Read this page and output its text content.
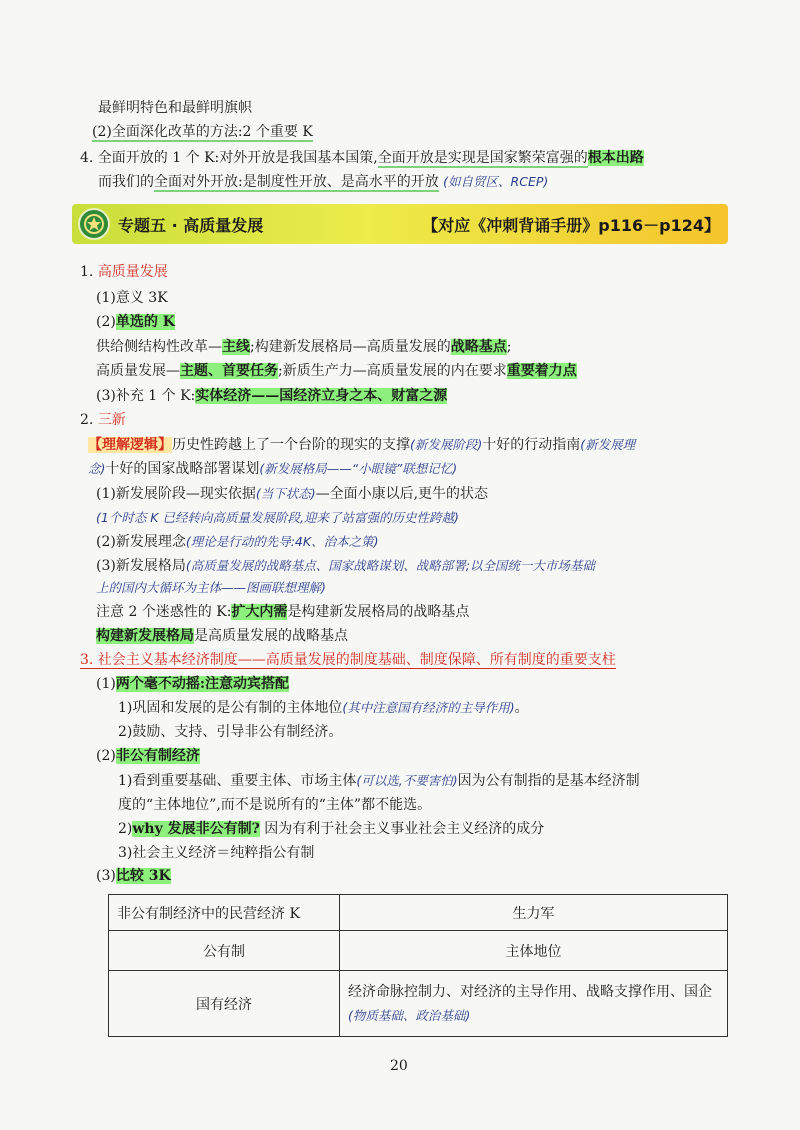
最鲜明特色和最鲜明旗帜
(2)全面深化改革的方法:2 个重要 K
4. 全面开放的 1 个 K:对外开放是我国基本国策,全面开放是实现是国家繁荣富强的根本出路
而我们的全面对外开放:是制度性开放、是高水平的开放 (如自贸区、RCEP)
专题五 · 高质量发展	【对应《冲刺背诵手册》p116－p124】
1. 高质量发展
(1)意义 3K
(2)单选的 K
供给侧结构性改革—主线;构建新发展格局—高质量发展的战略基点;
高质量发展—主题、首要任务;新质生产力—高质量发展的内在要求重要着力点
(3)补充 1 个 K:实体经济——国经济立身之本、财富之源
2. 三新
【理解逻辑】历史性跨越上了一个台阶的现实的支撑(新发展阶段)十好的行动指南(新发展理
念)十好的国家战略部署谋划(新发展格局——“小眼镜”联想记忆)
(1)新发展阶段—现实依据(当下状态)—全面小康以后,更牛的状态
(1个时态 K 已经转向高质量发展阶段,迎来了站富强的历史性跨越)
(2)新发展理念(理论是行动的先导:4K、治本之策)
(3)新发展格局(高质量发展的战略基点、国家战略谋划、战略部署;以全国统一大市场基础
上的国内大循环为主体——图画联想理解)
注意 2 个迷惑性的 K:扩大内需是构建新发展格局的战略基点
构建新发展格局是高质量发展的战略基点
3. 社会主义基本经济制度——高质量发展的制度基础、制度保障、所有制度的重要支柱
(1)两个毫不动摇:注意动宾搭配
1)巩固和发展的是公有制的主体地位(其中注意国有经济的主导作用)。
2)鼓励、支持、引导非公有制经济。
(2)非公有制经济
1)看到重要基础、重要主体、市场主体(可以选,不要害怕)因为公有制指的是基本经济制
度的“主体地位”,而不是说所有的“主体”都不能选。
2)why 发展非公有制? 因为有利于社会主义事业社会主义经济的成分
3)社会主义经济＝纯粹指公有制
(3)比较 3K
非公有制经济中的民营经济 K	生力军
公有制	主体地位
国有经济	经济命脉控制力、对经济的主导作用、战略支撑作用、国企(物质基础、政治基础)
20
